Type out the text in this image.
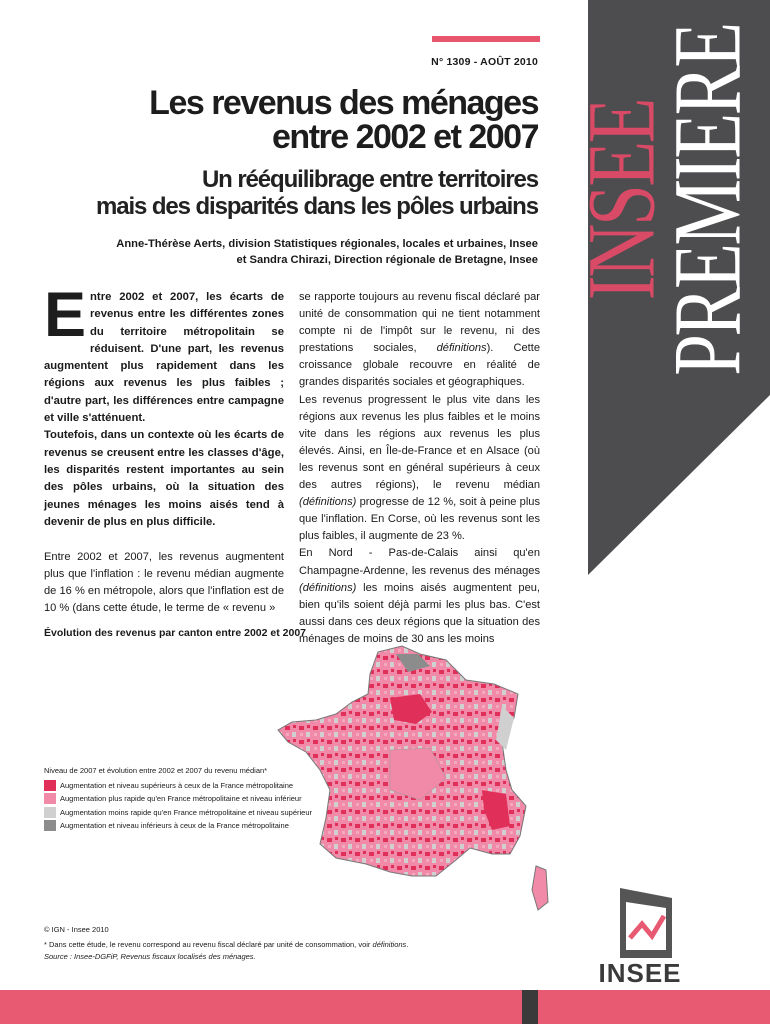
N° 1309 - AOÛT 2010
INSEE
PREMIERE
Les revenus des ménages
entre 2002 et 2007
Un rééquilibrage entre territoires
mais des disparités dans les pôles urbains
Anne-Thérèse Aerts, division Statistiques régionales, locales et urbaines, Insee
et Sandra Chirazi, Direction régionale de Bretagne, Insee
E ntre 2002 et 2007, les écarts de revenus entre les différentes zones du territoire métropolitain se réduisent. D'une part, les revenus augmentent plus rapidement dans les régions aux revenus les plus faibles ; d'autre part, les différences entre campagne et ville s'atténuent.

Toutefois, dans un contexte où les écarts de revenus se creusent entre les classes d'âge, les disparités restent importantes au sein des pôles urbains, où la situation des jeunes ménages les moins aisés tend à devenir de plus en plus difficile.

Entre 2002 et 2007, les revenus augmentent plus que l'inflation : le revenu médian augmente de 16 % en métropole, alors que l'inflation est de 10 % (dans cette étude, le terme de « revenu »

se rapporte toujours au revenu fiscal déclaré par unité de consommation qui ne tient notamment compte ni de l'impôt sur le revenu, ni des prestations sociales, définitions). Cette croissance globale recouvre en réalité de grandes disparités sociales et géographiques.

Les revenus progressent le plus vite dans les régions aux revenus les plus faibles et le moins vite dans les régions aux revenus les plus élevés. Ainsi, en Île-de-France et en Alsace (où les revenus sont en général supérieurs à ceux des autres régions), le revenu médian (définitions) progresse de 12 %, soit à peine plus que l'inflation. En Corse, où les revenus sont les plus faibles, il augmente de 23 %.

En Nord - Pas-de-Calais ainsi qu'en Champagne-Ardenne, les revenus des ménages (définitions) les moins aisés augmentent peu, bien qu'ils soient déjà parmi les plus bas. C'est aussi dans ces deux régions que la situation des ménages de moins de 30 ans les moins

Évolution des revenus par canton entre 2002 et 2007
Niveau de 2007 et évolution entre 2002 et 2007 du revenu médian*
Augmentation et niveau supérieurs à ceux de la France métropolitaine
Augmentation plus rapide qu'en France métropolitaine et niveau inférieur
Augmentation moins rapide qu'en France métropolitaine et niveau supérieur
Augmentation et niveau inférieurs à ceux de la France métropolitaine
© IGN - Insee 2010
* Dans cette étude, le revenu correspond au revenu fiscal déclaré par unité de consommation, voir définitions.
Source : Insee-DGFiP, Revenus fiscaux localisés des ménages.
INSEE
